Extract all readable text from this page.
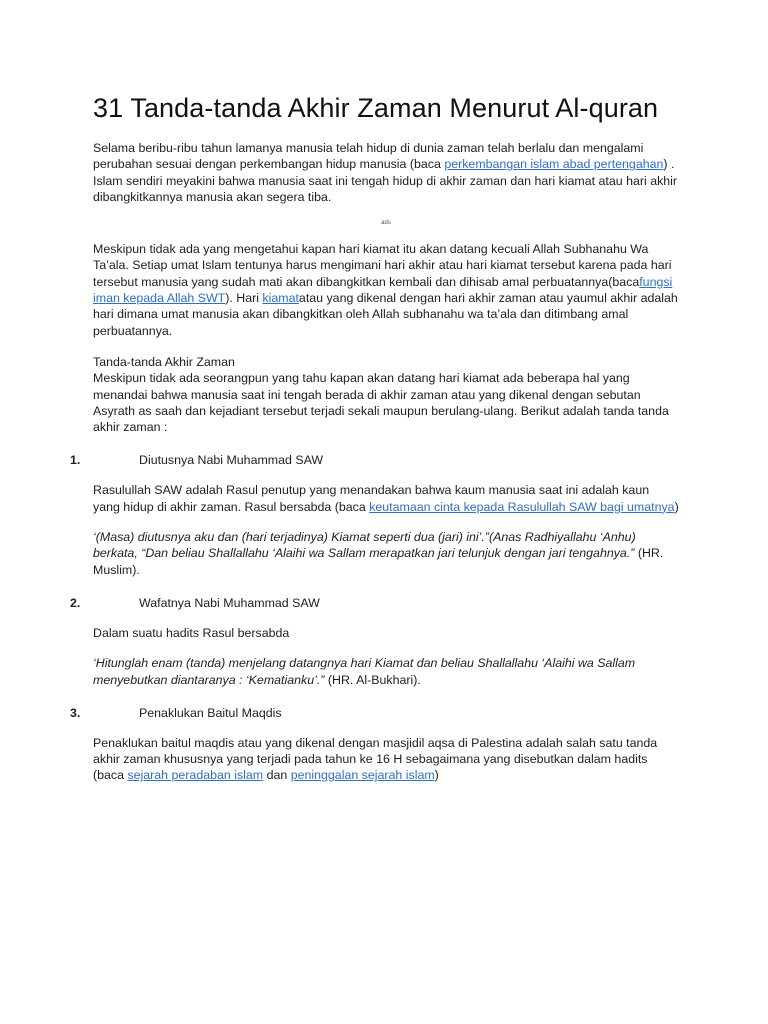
31 Tanda-tanda Akhir Zaman Menurut Al-quran

Selama beribu-ribu tahun lamanya manusia telah hidup di dunia zaman telah berlalu dan mengalami perubahan sesuai dengan perkembangan hidup manusia (baca perkembangan islam abad pertengahan) . Islam sendiri meyakini bahwa manusia saat ini tengah hidup di akhir zaman dan hari kiamat atau hari akhir dibangkitkannya manusia akan segera tiba.

ads

Meskipun tidak ada yang mengetahui kapan hari kiamat itu akan datang kecuali Allah Subhanahu Wa Ta’ala. Setiap umat Islam tentunya harus mengimani hari akhir atau hari kiamat tersebut karena pada hari tersebut manusia yang sudah mati akan dibangkitkan kembali dan dihisab amal perbuatannya(bacafungsi iman kepada Allah SWT). Hari kiamatatau yang dikenal dengan hari akhir zaman atau yaumul akhir adalah hari dimana umat manusia akan dibangkitkan oleh Allah subhanahu wa ta’ala dan ditimbang amal perbuatannya.

Tanda-tanda Akhir Zaman

Meskipun tidak ada seorangpun yang tahu kapan akan datang hari kiamat ada beberapa hal yang menandai bahwa manusia saat ini tengah berada di akhir zaman atau yang dikenal dengan sebutan Asyrath as saah dan kejadiant tersebut terjadi sekali maupun berulang-ulang. Berikut adalah tanda tanda akhir zaman :

1.	Diutusnya Nabi Muhammad SAW

Rasulullah SAW adalah Rasul penutup yang menandakan bahwa kaum manusia saat ini adalah kaun yang hidup di akhir zaman. Rasul bersabda (baca keutamaan cinta kepada Rasulullah SAW bagi umatnya)

‘(Masa) diutusnya aku dan (hari terjadinya) Kiamat seperti dua (jari) ini’.”(Anas Radhiyallahu ‘Anhu) berkata, “Dan beliau Shallallahu ‘Alaihi wa Sallam merapatkan jari telunjuk dengan jari tengahnya.” (HR. Muslim).

2.	Wafatnya Nabi Muhammad SAW

Dalam suatu hadits Rasul bersabda

‘Hitunglah enam (tanda) menjelang datangnya hari Kiamat dan beliau Shallallahu ‘Alaihi wa Sallam menyebutkan diantaranya : ‘Kematianku’.” (HR. Al-Bukhari).

3.	Penaklukan Baitul Maqdis

Penaklukan baitul maqdis atau yang dikenal dengan masjidil aqsa di Palestina adalah salah satu tanda akhir zaman khususnya yang terjadi pada tahun ke 16 H sebagaimana yang disebutkan dalam hadits (baca sejarah peradaban islam dan peninggalan sejarah islam)
